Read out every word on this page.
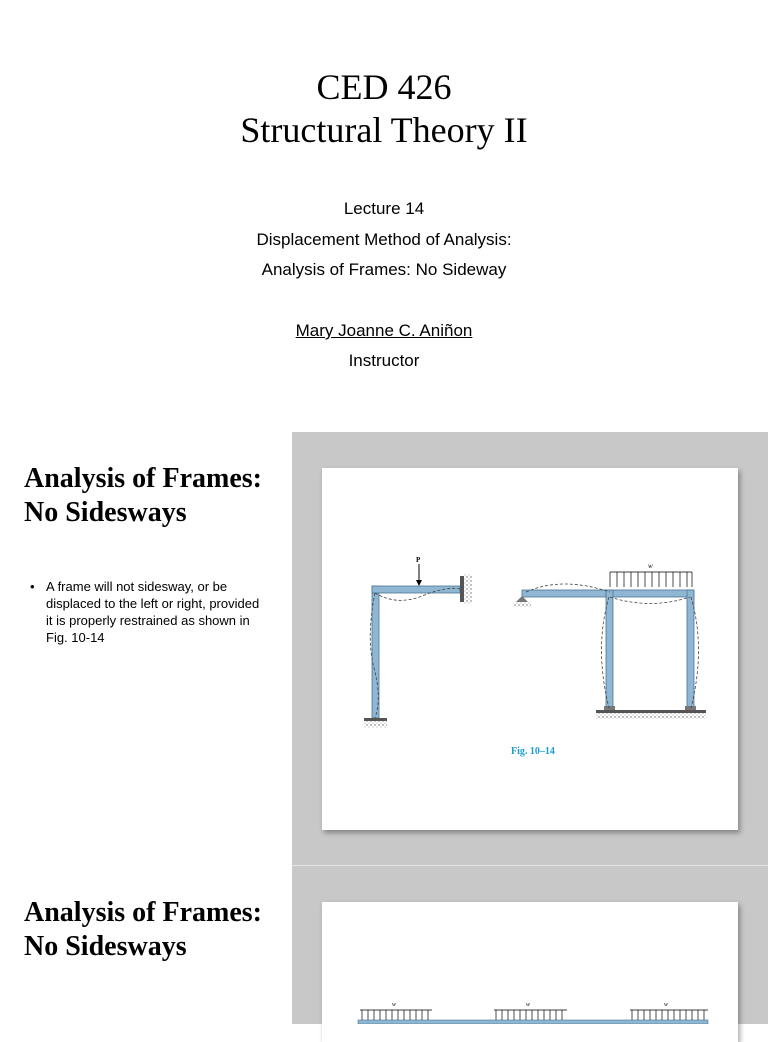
CED 426
Structural Theory II
Lecture 14
Displacement Method of Analysis:
Analysis of Frames: No Sideway
Mary Joanne C. Aniñon
Instructor
Analysis of Frames: No Sidesways
• A frame will not sidesway, or be displaced to the left or right, provided it is properly restrained as shown in Fig. 10-14
P
w
Fig. 10–14
Analysis of Frames: No Sidesways
w	w	w
